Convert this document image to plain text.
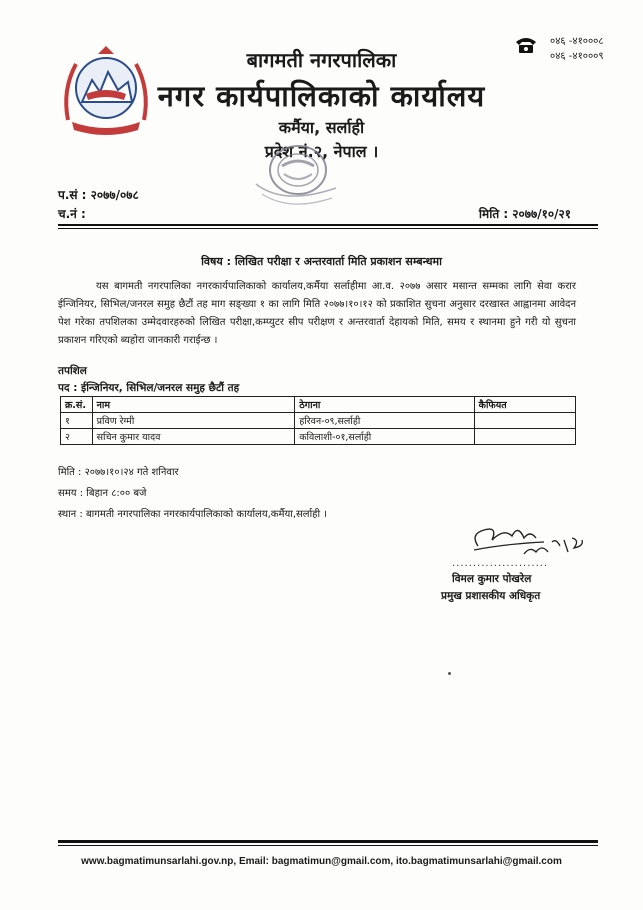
बागमती नगरपालिका
नगर कार्यपालिकाको कार्यालय
कर्मैया, सर्लाही
प्रदेश नं.२, नेपाल ।
०४६ -४१०००८
०४६ -४१०००९
प.सं : २०७७/०७८
च.नं :	मिति : २०७७/१०/२१
विषय : लिखित परीक्षा र अन्तरवार्ता मिति प्रकाशन सम्बन्धमा
यस बागमती नगरपालिका नगरकार्यपालिकाको कार्यालय,कर्मैया सर्लाहीमा आ.व. २०७७ असार मसान्त सम्मका लागि सेवा करार ईन्जिनियर, सिभिल/जनरल समुह छैटौं तह माग सङ्ख्या १ का लागि मिति २०७७।१०।१२ को प्रकाशित सुचना अनुसार दरखास्त आह्वानमा आवेदन पेश गरेका तपशिलका उम्मेदवारहरुको लिखित परीक्षा,कम्प्युटर सीप परीक्षण र अन्तरवार्ता देहायको मिति, समय र स्थानमा हुने गरी यो सुचना प्रकाशन गरिएको ब्यहोरा जानकारी गराईन्छ ।
तपशिल
पद : ईन्जिनियर, सिभिल/जनरल समुह छैटौं तह
क्र.सं.	नाम	ठेगाना	कैफियत
१	प्रविण रेग्मी	हरिवन-०९,सर्लाही	
२	सचिन कुमार यादव	कविलाशी-०१,सर्लाही	
मिति : २०७७।१०।२४ गते शनिवार
समय : बिहान ८:०० बजे
स्थान : बागमती नगरपालिका नगरकार्यपालिकाको कार्यालय,कर्मैया,सर्लाही ।
.......................
विमल कुमार पोखरेल
प्रमुख प्रशासकीय अधिकृत
www.bagmatimunsarlahi.gov.np, Email: bagmatimun@gmail.com, ito.bagmatimunsarlahi@gmail.com
